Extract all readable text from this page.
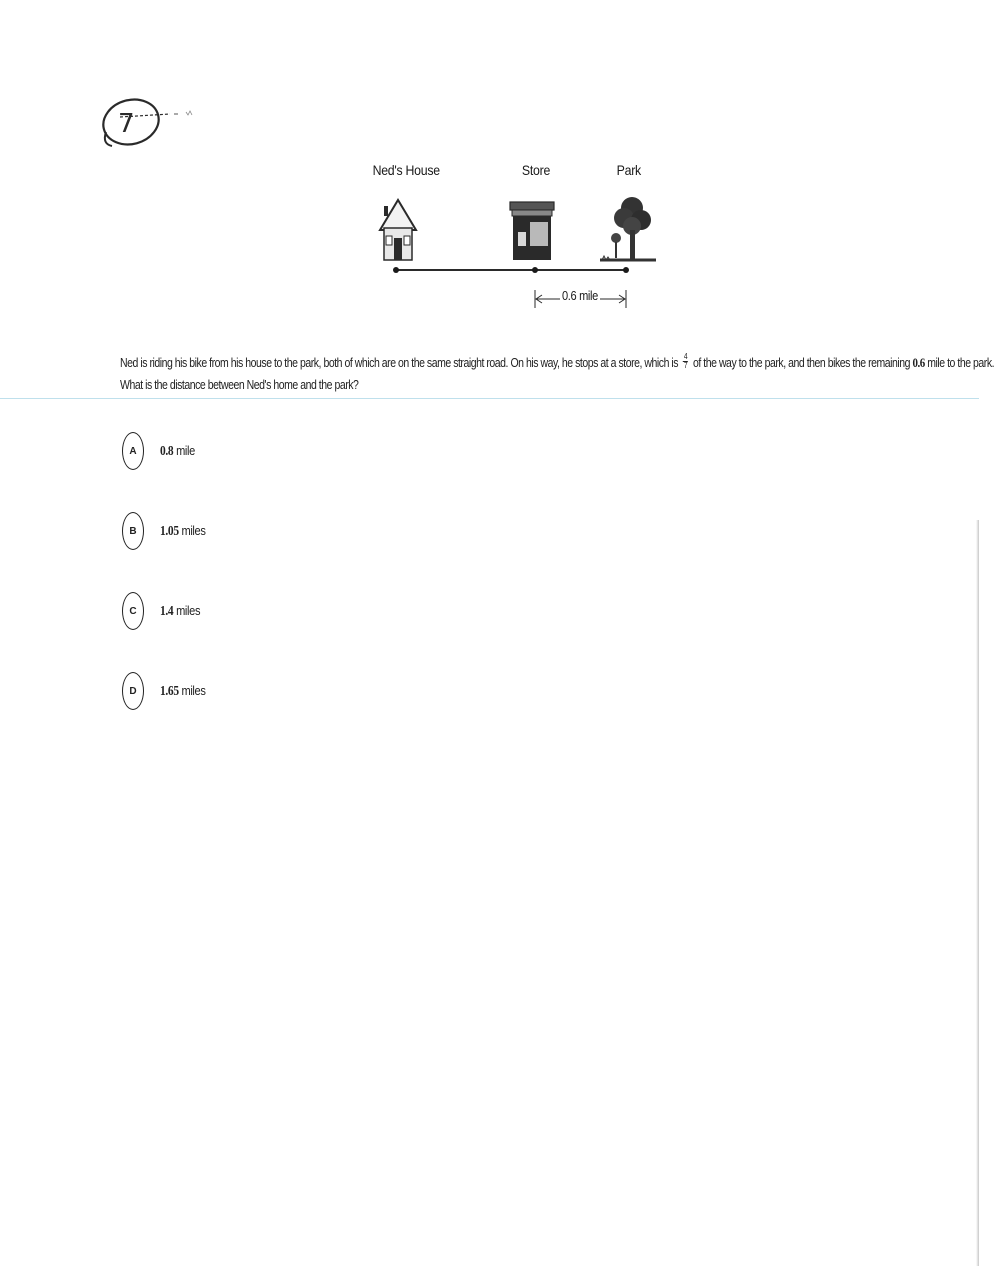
7
Ned's House	Store	Park
0.6 mile
Ned is riding his bike from his house to the park, both of which are on the same straight road. On his way, he stops at a store, which is $\frac{4}{7}$ of the way to the park, and then bikes the remaining 0.6 mile to the park.
What is the distance between Ned's home and the park?
A	0.8 mile
B	1.05 miles
C	1.4 miles
D	1.65 miles
